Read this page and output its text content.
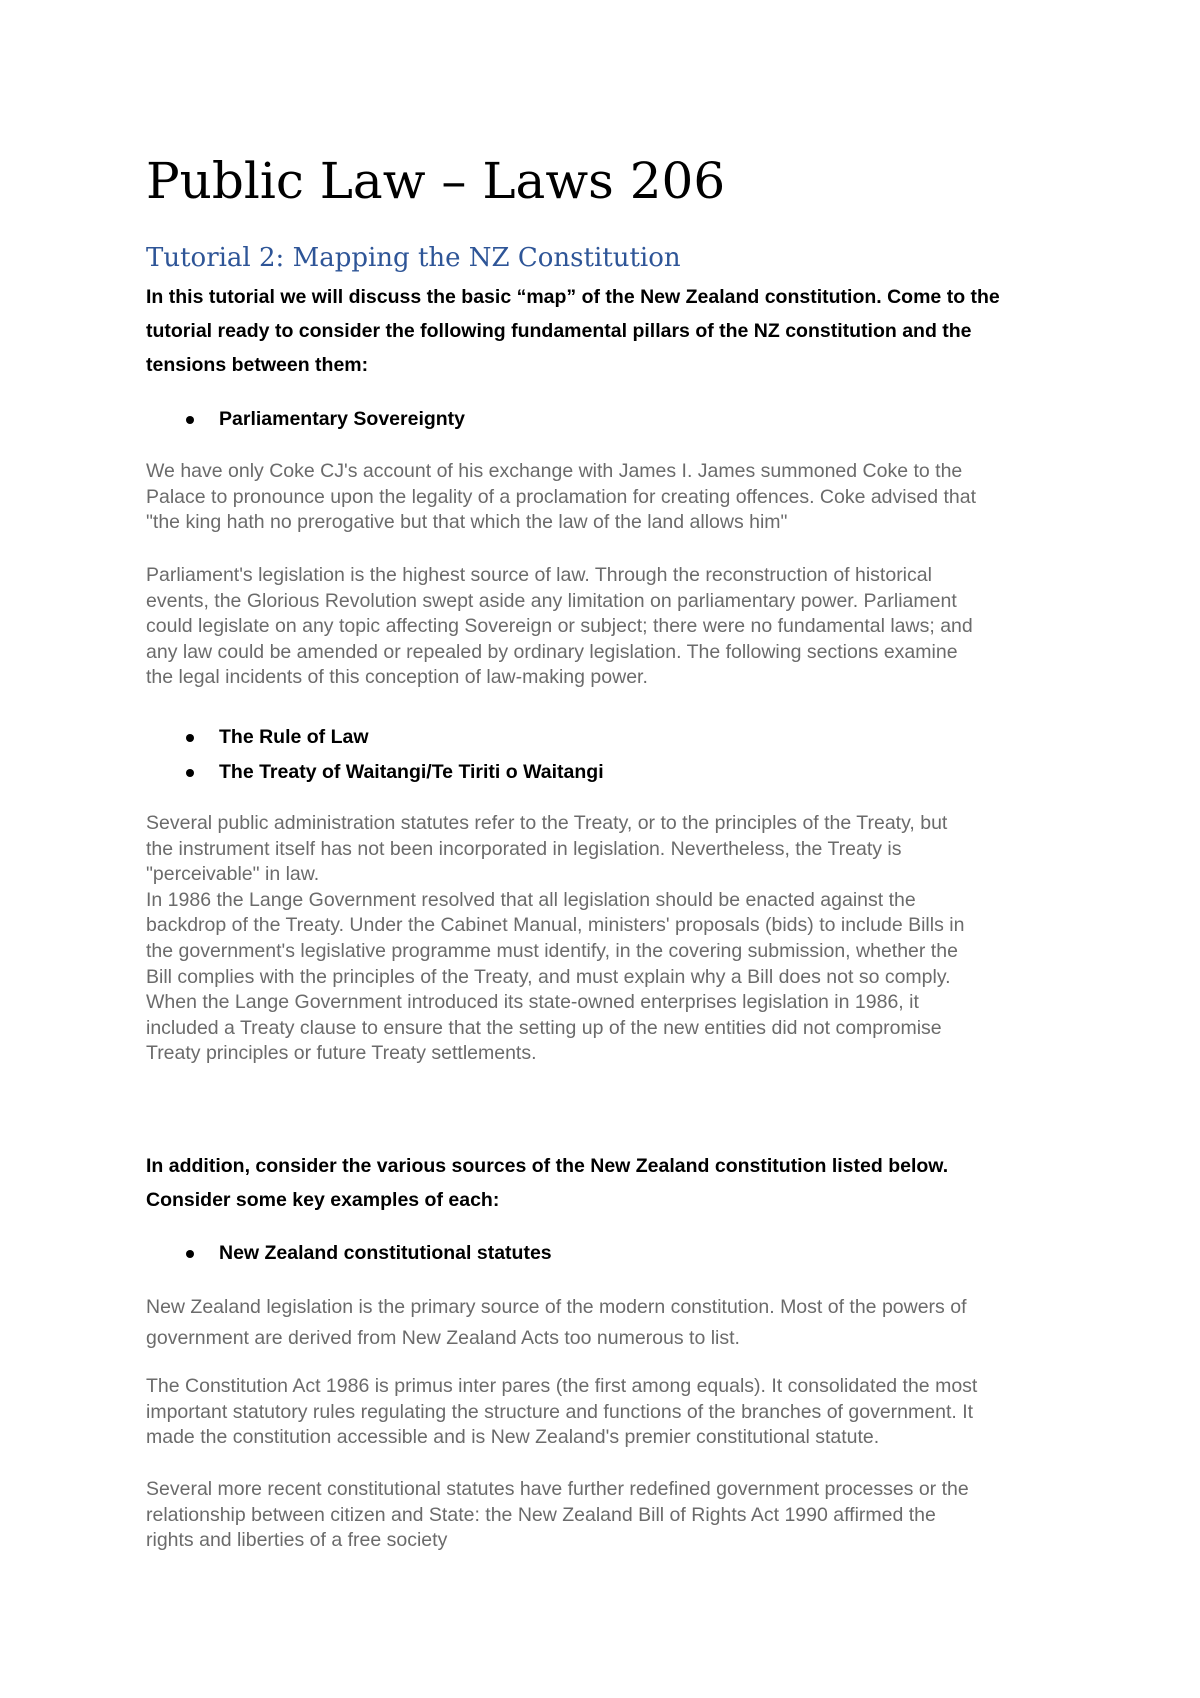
Public Law – Laws 206
Tutorial 2: Mapping the NZ Constitution

In this tutorial we will discuss the basic “map” of the New Zealand constitution. Come to the
tutorial ready to consider the following fundamental pillars of the NZ constitution and the
tensions between them:

Parliamentary Sovereignty

We have only Coke CJ's account of his exchange with James I. James summoned Coke to the
Palace to pronounce upon the legality of a proclamation for creating offences. Coke advised that
"the king hath no prerogative but that which the law of the land allows him"

Parliament's legislation is the highest source of law. Through the reconstruction of historical
events, the Glorious Revolution swept aside any limitation on parliamentary power. Parliament
could legislate on any topic affecting Sovereign or subject; there were no fundamental laws; and
any law could be amended or repealed by ordinary legislation. The following sections examine
the legal incidents of this conception of law-making power.

The Rule of Law
The Treaty of Waitangi/Te Tiriti o Waitangi

Several public administration statutes refer to the Treaty, or to the principles of the Treaty, but
the instrument itself has not been incorporated in legislation. Nevertheless, the Treaty is
"perceivable" in law.
In 1986 the Lange Government resolved that all legislation should be enacted against the
backdrop of the Treaty. Under the Cabinet Manual, ministers' proposals (bids) to include Bills in
the government's legislative programme must identify, in the covering submission, whether the
Bill complies with the principles of the Treaty, and must explain why a Bill does not so comply.
When the Lange Government introduced its state-owned enterprises legislation in 1986, it
included a Treaty clause to ensure that the setting up of the new entities did not compromise
Treaty principles or future Treaty settlements.

In addition, consider the various sources of the New Zealand constitution listed below.
Consider some key examples of each:

New Zealand constitutional statutes

New Zealand legislation is the primary source of the modern constitution. Most of the powers of
government are derived from New Zealand Acts too numerous to list.

The Constitution Act 1986 is primus inter pares (the first among equals). It consolidated the most
important statutory rules regulating the structure and functions of the branches of government. It
made the constitution accessible and is New Zealand's premier constitutional statute.

Several more recent constitutional statutes have further redefined government processes or the
relationship between citizen and State: the New Zealand Bill of Rights Act 1990 affirmed the
rights and liberties of a free society
